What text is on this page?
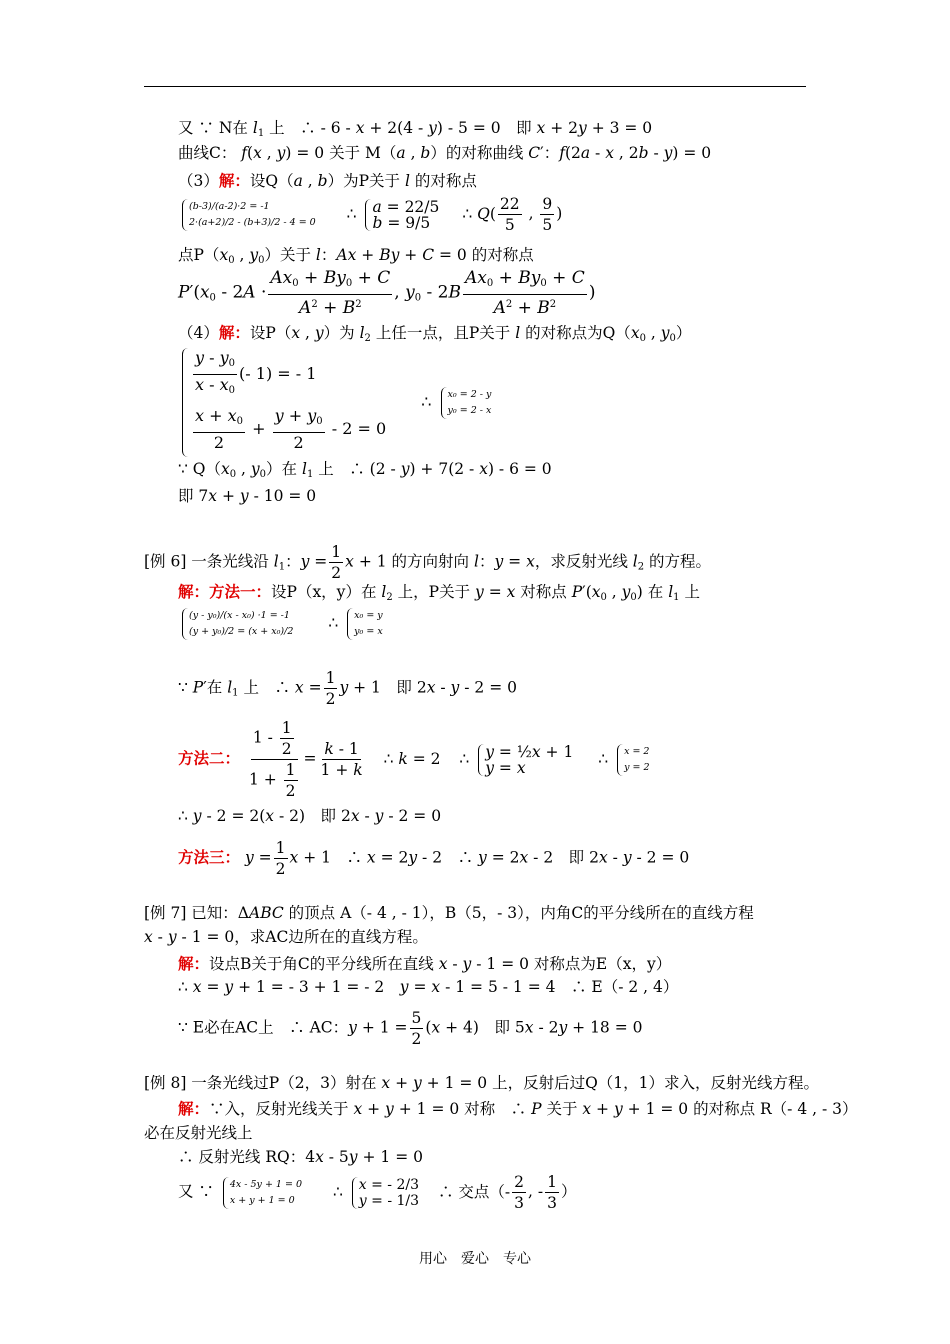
又 ∵ N在 $l_1$ 上　∴ - 6 - x + 2(4 - y) - 5 = 0　即 x + 2y + 3 = 0
曲线C： f(x , y) = 0 关于 M（a , b）的对称曲线 C′：f(2a - x , 2b - y) = 0
（3）解：设Q（a , b）为P关于 l 的对称点
(b-3)/(a-2)·2 = -1
2·(a+2)/2 - (b+3)/2 - 4 = 0 ∴ a = 22/5
b = 9/5	∴ $Q( \frac{22}{5}$ , $\frac{9}{5}$ )
点$P(x_0$ , $y_0$）关于 l：Ax + By + C = 0 的对称点
$P'(x_0 - 2A \cdot \frac{Ax_0 + By_0 + C}{A^2 + B^2}$ , $y_0 - 2B \frac{Ax_0 + By_0 + C}{A^2 + B^2}$ )
（4）解：设P（x , y）为 $l_2$ 上任一点，且P关于 l 的对称点为$Q(x_0$ , $y_0$）
$\frac{y - y_0}{x - x_0}$ (- 1) = - 1
$\frac{x + x_0}{2} + \frac{y + y_0}{2} - 2 = 0$
∴ x₀ = 2 - y
y₀ = 2 - x
∵ $Q(x_0$ , $y_0$）在 $l_1$ 上　∴ (2 - y) + 7(2 - x) - 6 = 0
即 7x + y - 10 = 0
[例 6] 一条光线沿 $l_1$：$y = \frac{1}{2}$ x + 1 的方向射向 l：y = x，求反射光线 $l_2$ 的方程。
解：方法一：设P（x，y）在 $l_2$ 上，P关于 y = x 对称点 $P'(x_0$ , $y_0$) 在 $l_1$ 上
(y - y₀)/(x - x₀) ·1 = -1
(y + y₀)/2 = (x + x₀)/2 ∴ x₀ = y
y₀ = x
∵ P′在 $l_1$ 上　∴ $x = \frac{1}{2}$ y + 1　即 2x - y - 2 = 0
方法二： $\frac{1 - \frac{1}{2}}{1 + \frac{1}{2}} = \frac{k - 1}{1 + k}$ ∴ k = 2 ∴ y = ½x + 1
y = x	∴ x = 2
y = 2
∴ y - 2 = 2(x - 2)　即 2x - y - 2 = 0
方法三： $y = \frac{1}{2}$ x + 1　∴ x = 2y - 2　∴ y = 2x - 2　即 2x - y - 2 = 0
[例 7] 已知：ΔABC 的顶点 A（- 4 , - 1），B（5，- 3），内角C的平分线所在的直线方程
x - y - 1 = 0，求AC边所在的直线方程。
解：设点B关于角C的平分线所在直线 x - y - 1 = 0 对称点为E（x，y）
∴ x = y + 1 = - 3 + 1 = - 2　y = x - 1 = 5 - 1 = 4　∴ E（- 2 , 4）
∵ E必在AC上　∴ AC：$y + 1 = \frac{5}{2} (x + 4)$　即 5x - 2y + 18 = 0
[例 8] 一条光线过P（2，3）射在 x + y + 1 = 0 上，反射后过Q（1，1）求入，反射光线方程。
解：∵入，反射光线关于 x + y + 1 = 0 对称　∴ P 关于 x + y + 1 = 0 的对称点 R（- 4 , - 3）
必在反射光线上
∴ 反射光线 RQ：4x - 5y + 1 = 0
又 ∵ 4x - 5y + 1 = 0
x + y + 1 = 0	∴ x = - 2/3
y = - 1/3 ∴ 交点（- $\frac{2}{3}$ , - $\frac{1}{3}$ ）
用心　爱心　专心
